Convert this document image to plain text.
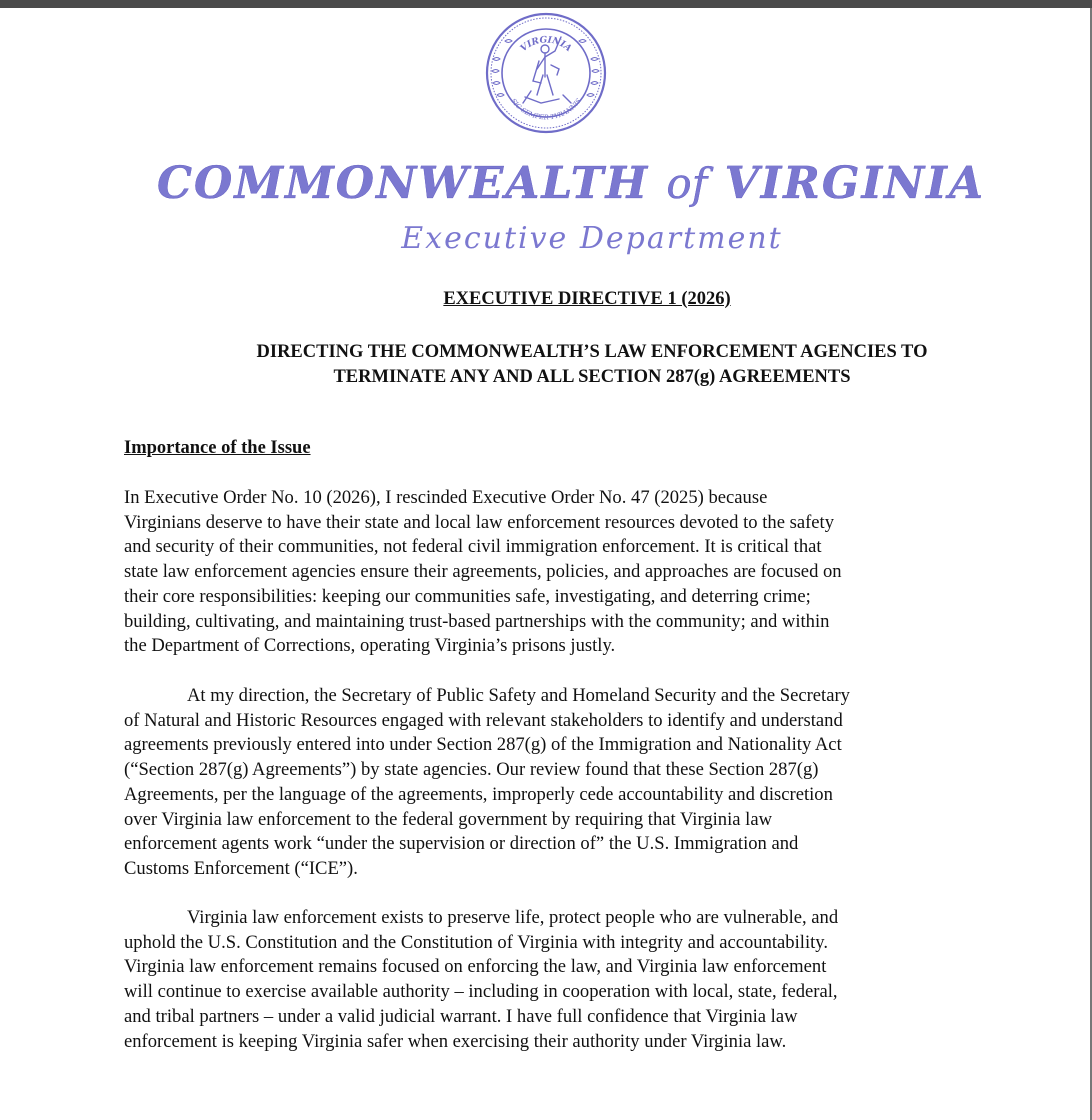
VIRGINIA
SIC SEMPER TYRANNIS
COMMONWEALTH of VIRGINIA
Executive Department
EXECUTIVE DIRECTIVE 1 (2026)
DIRECTING THE COMMONWEALTH’S LAW ENFORCEMENT AGENCIES TO
TERMINATE ANY AND ALL SECTION 287(g) AGREEMENTS
Importance of the Issue
In Executive Order No. 10 (2026), I rescinded Executive Order No. 47 (2025) because
Virginians deserve to have their state and local law enforcement resources devoted to the safety
and security of their communities, not federal civil immigration enforcement. It is critical that
state law enforcement agencies ensure their agreements, policies, and approaches are focused on
their core responsibilities: keeping our communities safe, investigating, and deterring crime;
building, cultivating, and maintaining trust-based partnerships with the community; and within
the Department of Corrections, operating Virginia’s prisons justly.
At my direction, the Secretary of Public Safety and Homeland Security and the Secretary
of Natural and Historic Resources engaged with relevant stakeholders to identify and understand
agreements previously entered into under Section 287(g) of the Immigration and Nationality Act
(“Section 287(g) Agreements”) by state agencies. Our review found that these Section 287(g)
Agreements, per the language of the agreements, improperly cede accountability and discretion
over Virginia law enforcement to the federal government by requiring that Virginia law
enforcement agents work “under the supervision or direction of” the U.S. Immigration and
Customs Enforcement (“ICE”).
Virginia law enforcement exists to preserve life, protect people who are vulnerable, and
uphold the U.S. Constitution and the Constitution of Virginia with integrity and accountability.
Virginia law enforcement remains focused on enforcing the law, and Virginia law enforcement
will continue to exercise available authority – including in cooperation with local, state, federal,
and tribal partners – under a valid judicial warrant. I have full confidence that Virginia law
enforcement is keeping Virginia safer when exercising their authority under Virginia law.
